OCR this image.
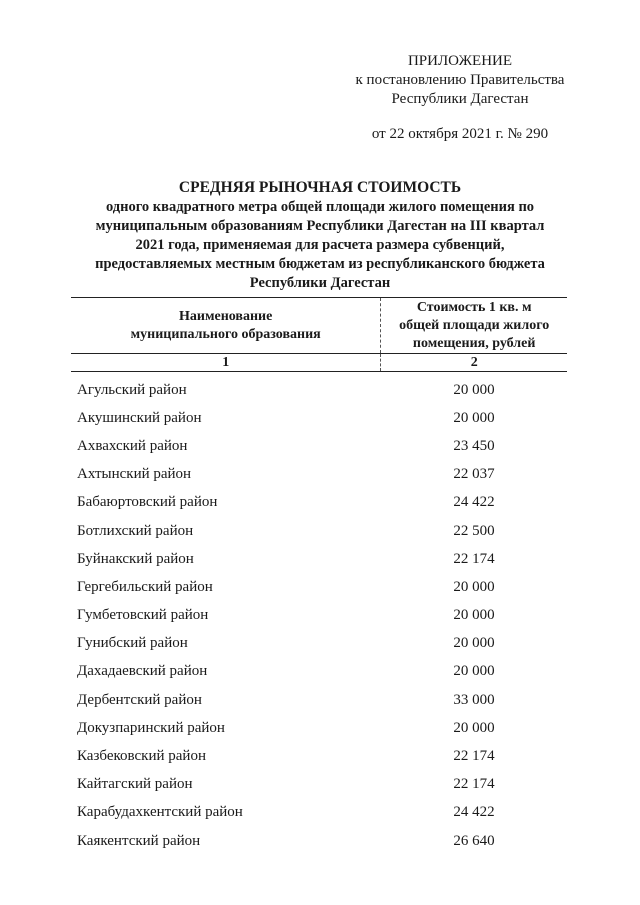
ПРИЛОЖЕНИЕ
к постановлению Правительства
Республики Дагестан
от 22 октября 2021 г. № 290
СРЕДНЯЯ РЫНОЧНАЯ СТОИМОСТЬ
одного квадратного метра общей площади жилого помещения по
муниципальным образованиям Республики Дагестан на III квартал
2021 года, применяемая для расчета размера субвенций,
предоставляемых местным бюджетам из республиканского бюджета
Республики Дагестан
Наименование
муниципального образования
Стоимость 1 кв. м
общей площади жилого
помещения, рублей
1	2
Агульский район	20 000
Акушинский район	20 000
Ахвахский район	23 450
Ахтынский район	22 037
Бабаюртовский район	24 422
Ботлихский район	22 500
Буйнакский район	22 174
Гергебильский район	20 000
Гумбетовский район	20 000
Гунибский район	20 000
Дахадаевский район	20 000
Дербентский район	33 000
Докузпаринский район	20 000
Казбековский район	22 174
Кайтагский район	22 174
Карабудахкентский район	24 422
Каякентский район	26 640
